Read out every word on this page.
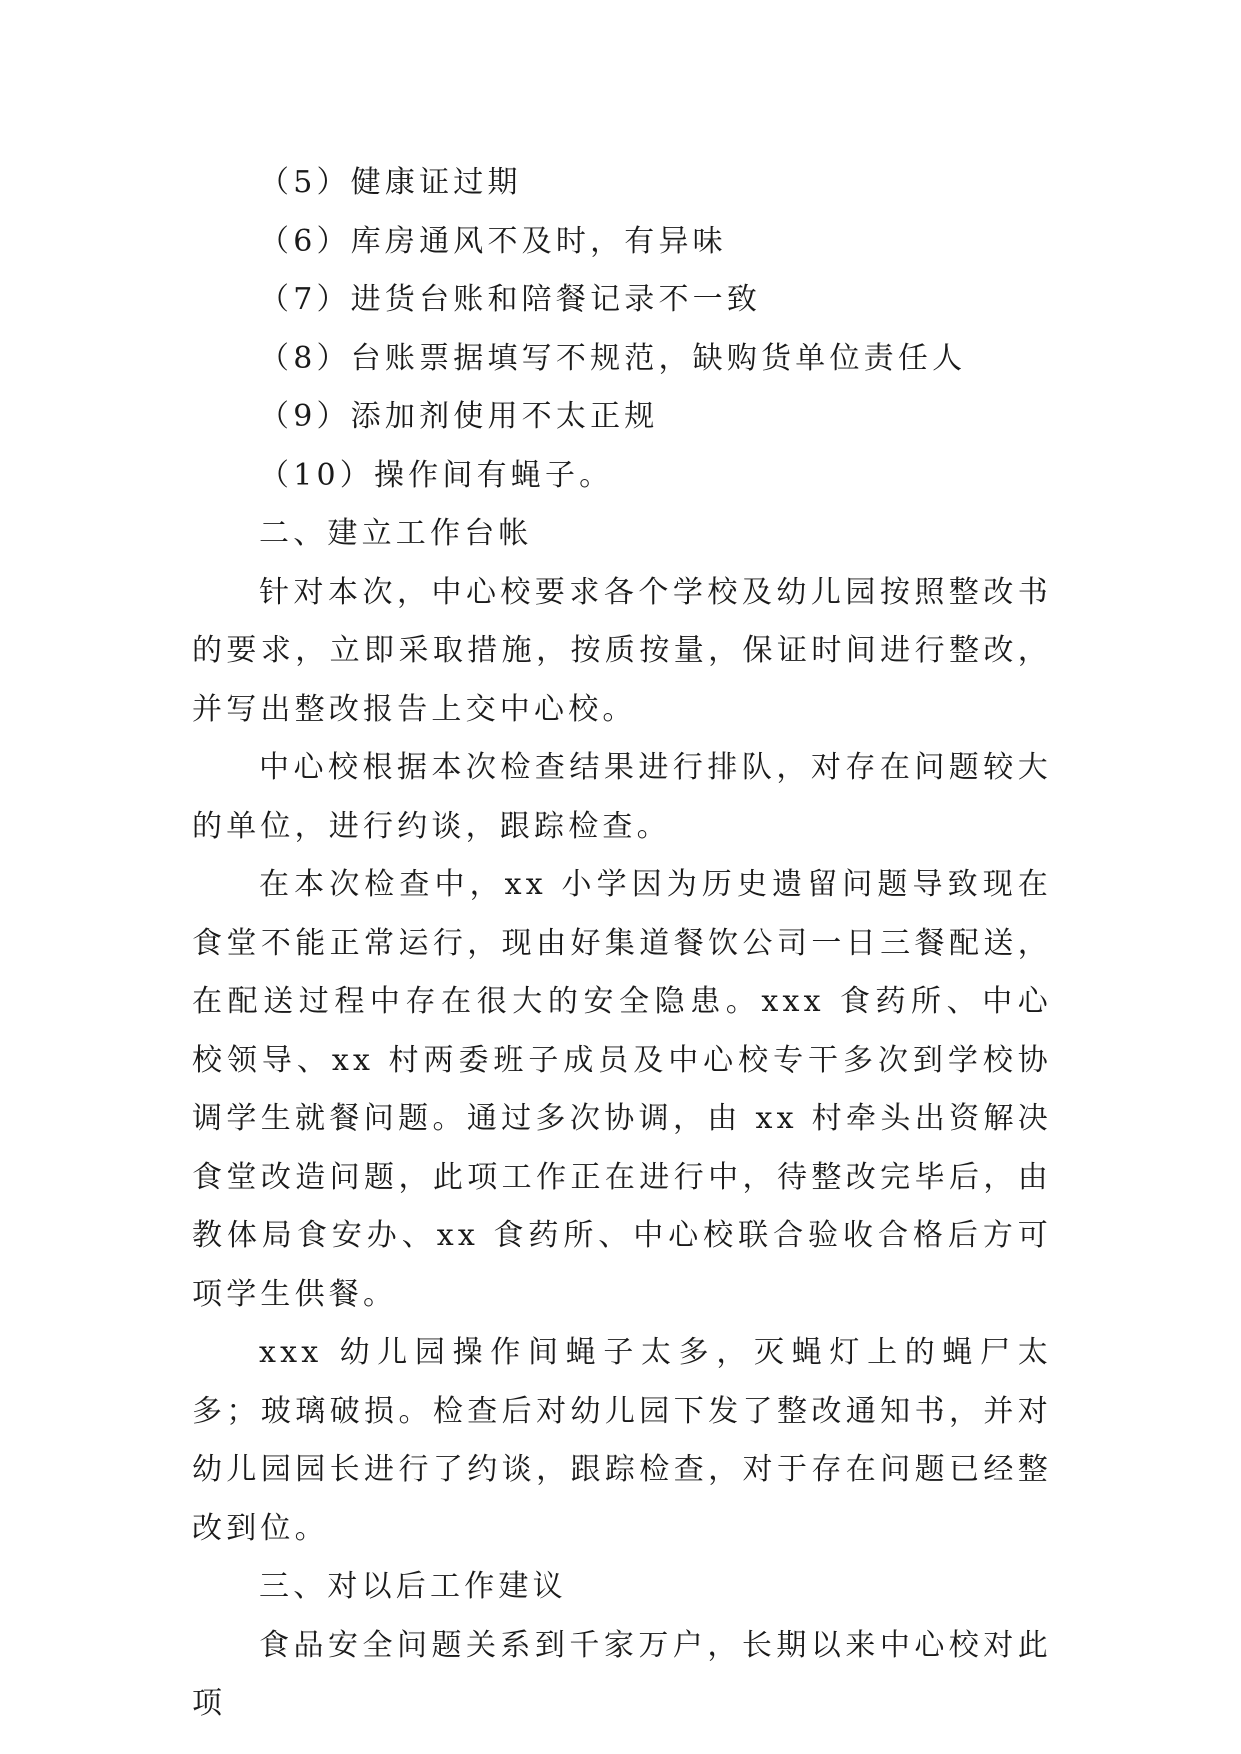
（5）健康证过期
（6）库房通风不及时，有异味
（7）进货台账和陪餐记录不一致
（8）台账票据填写不规范，缺购货单位责任人
（9）添加剂使用不太正规
（10）操作间有蝇子。
二、建立工作台帐

针对本次，中心校要求各个学校及幼儿园按照整改书的要求，立即采取措施，按质按量，保证时间进行整改，并写出整改报告上交中心校。

中心校根据本次检查结果进行排队，对存在问题较大的单位，进行约谈，跟踪检查。

在本次检查中，xx 小学因为历史遗留问题导致现在食堂不能正常运行，现由好集道餐饮公司一日三餐配送，在配送过程中存在很大的安全隐患。xxx 食药所、中心校领导、xx 村两委班子成员及中心校专干多次到学校协调学生就餐问题。通过多次协调，由 xx 村牵头出资解决食堂改造问题，此项工作正在进行中，待整改完毕后，由教体局食安办、xx 食药所、中心校联合验收合格后方可项学生供餐。

xxx 幼儿园操作间蝇子太多，灭蝇灯上的蝇尸太多；玻璃破损。检查后对幼儿园下发了整改通知书，并对幼儿园园长进行了约谈，跟踪检查，对于存在问题已经整改到位。

三、对以后工作建议

食品安全问题关系到千家万户，长期以来中心校对此项
